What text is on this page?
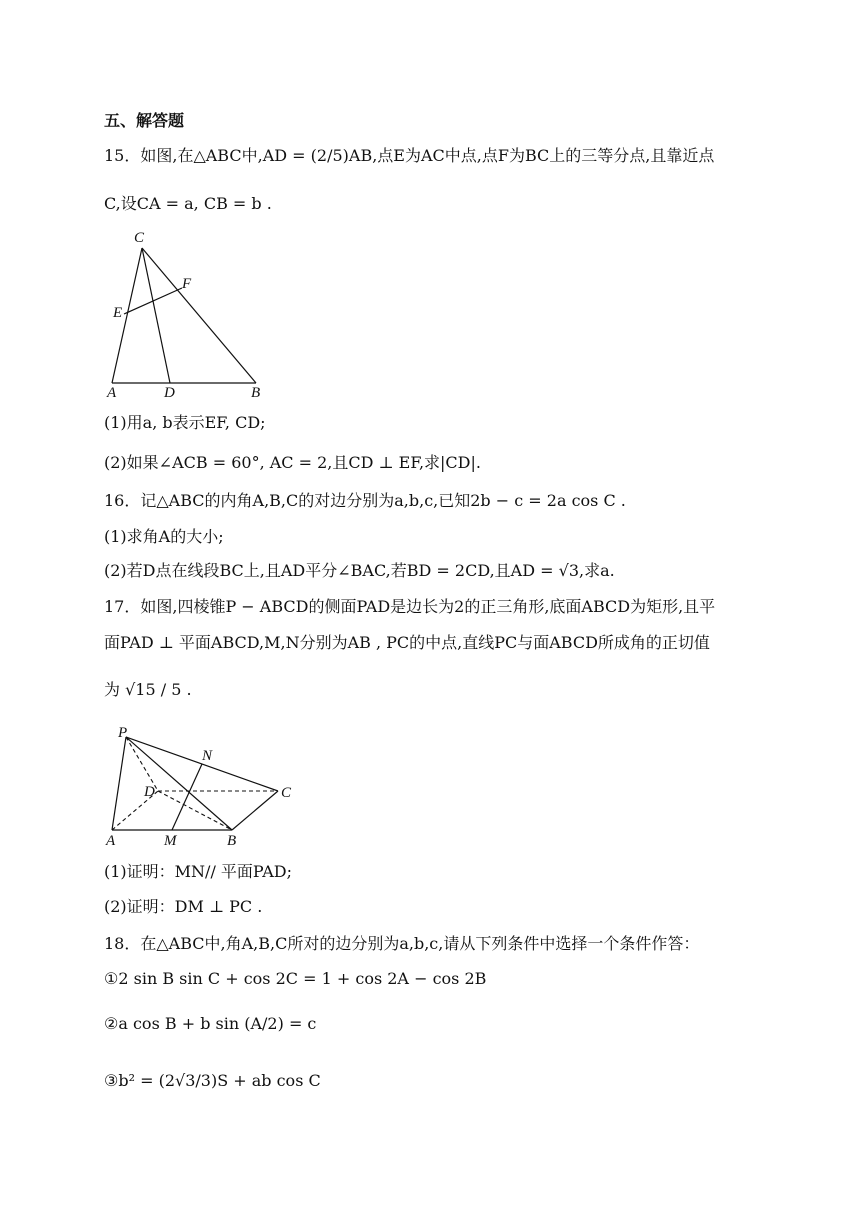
五、解答题
15．如图,在△ABC中,AD = (2/5)AB,点E为AC中点,点F为BC上的三等分点,且靠近点
C,设CA = a, CB = b .
C
F
E
A	D	B
(1)用a, b表示EF, CD;
(2)如果∠ACB = 60°, AC = 2,且CD ⊥ EF,求|CD|.
16．记△ABC的内角A,B,C的对边分别为a,b,c,已知2b − c = 2a cos C .
(1)求角A的大小;
(2)若D点在线段BC上,且AD平分∠BAC,若BD = 2CD,且AD = √3,求a.
17．如图,四棱锥P − ABCD的侧面PAD是边长为2的正三角形,底面ABCD为矩形,且平
面PAD ⊥ 平面ABCD,M,N分别为AB , PC的中点,直线PC与面ABCD所成角的正切值
为 √15 / 5 .
P
N
D	C
A	M	B
(1)证明：MN// 平面PAD;
(2)证明：DM ⊥ PC .
18．在△ABC中,角A,B,C所对的边分别为a,b,c,请从下列条件中选择一个条件作答：
①2 sin B sin C + cos 2C = 1 + cos 2A − cos 2B
②a cos B + b sin (A/2) = c
③b² = (2√3/3)S + ab cos C
